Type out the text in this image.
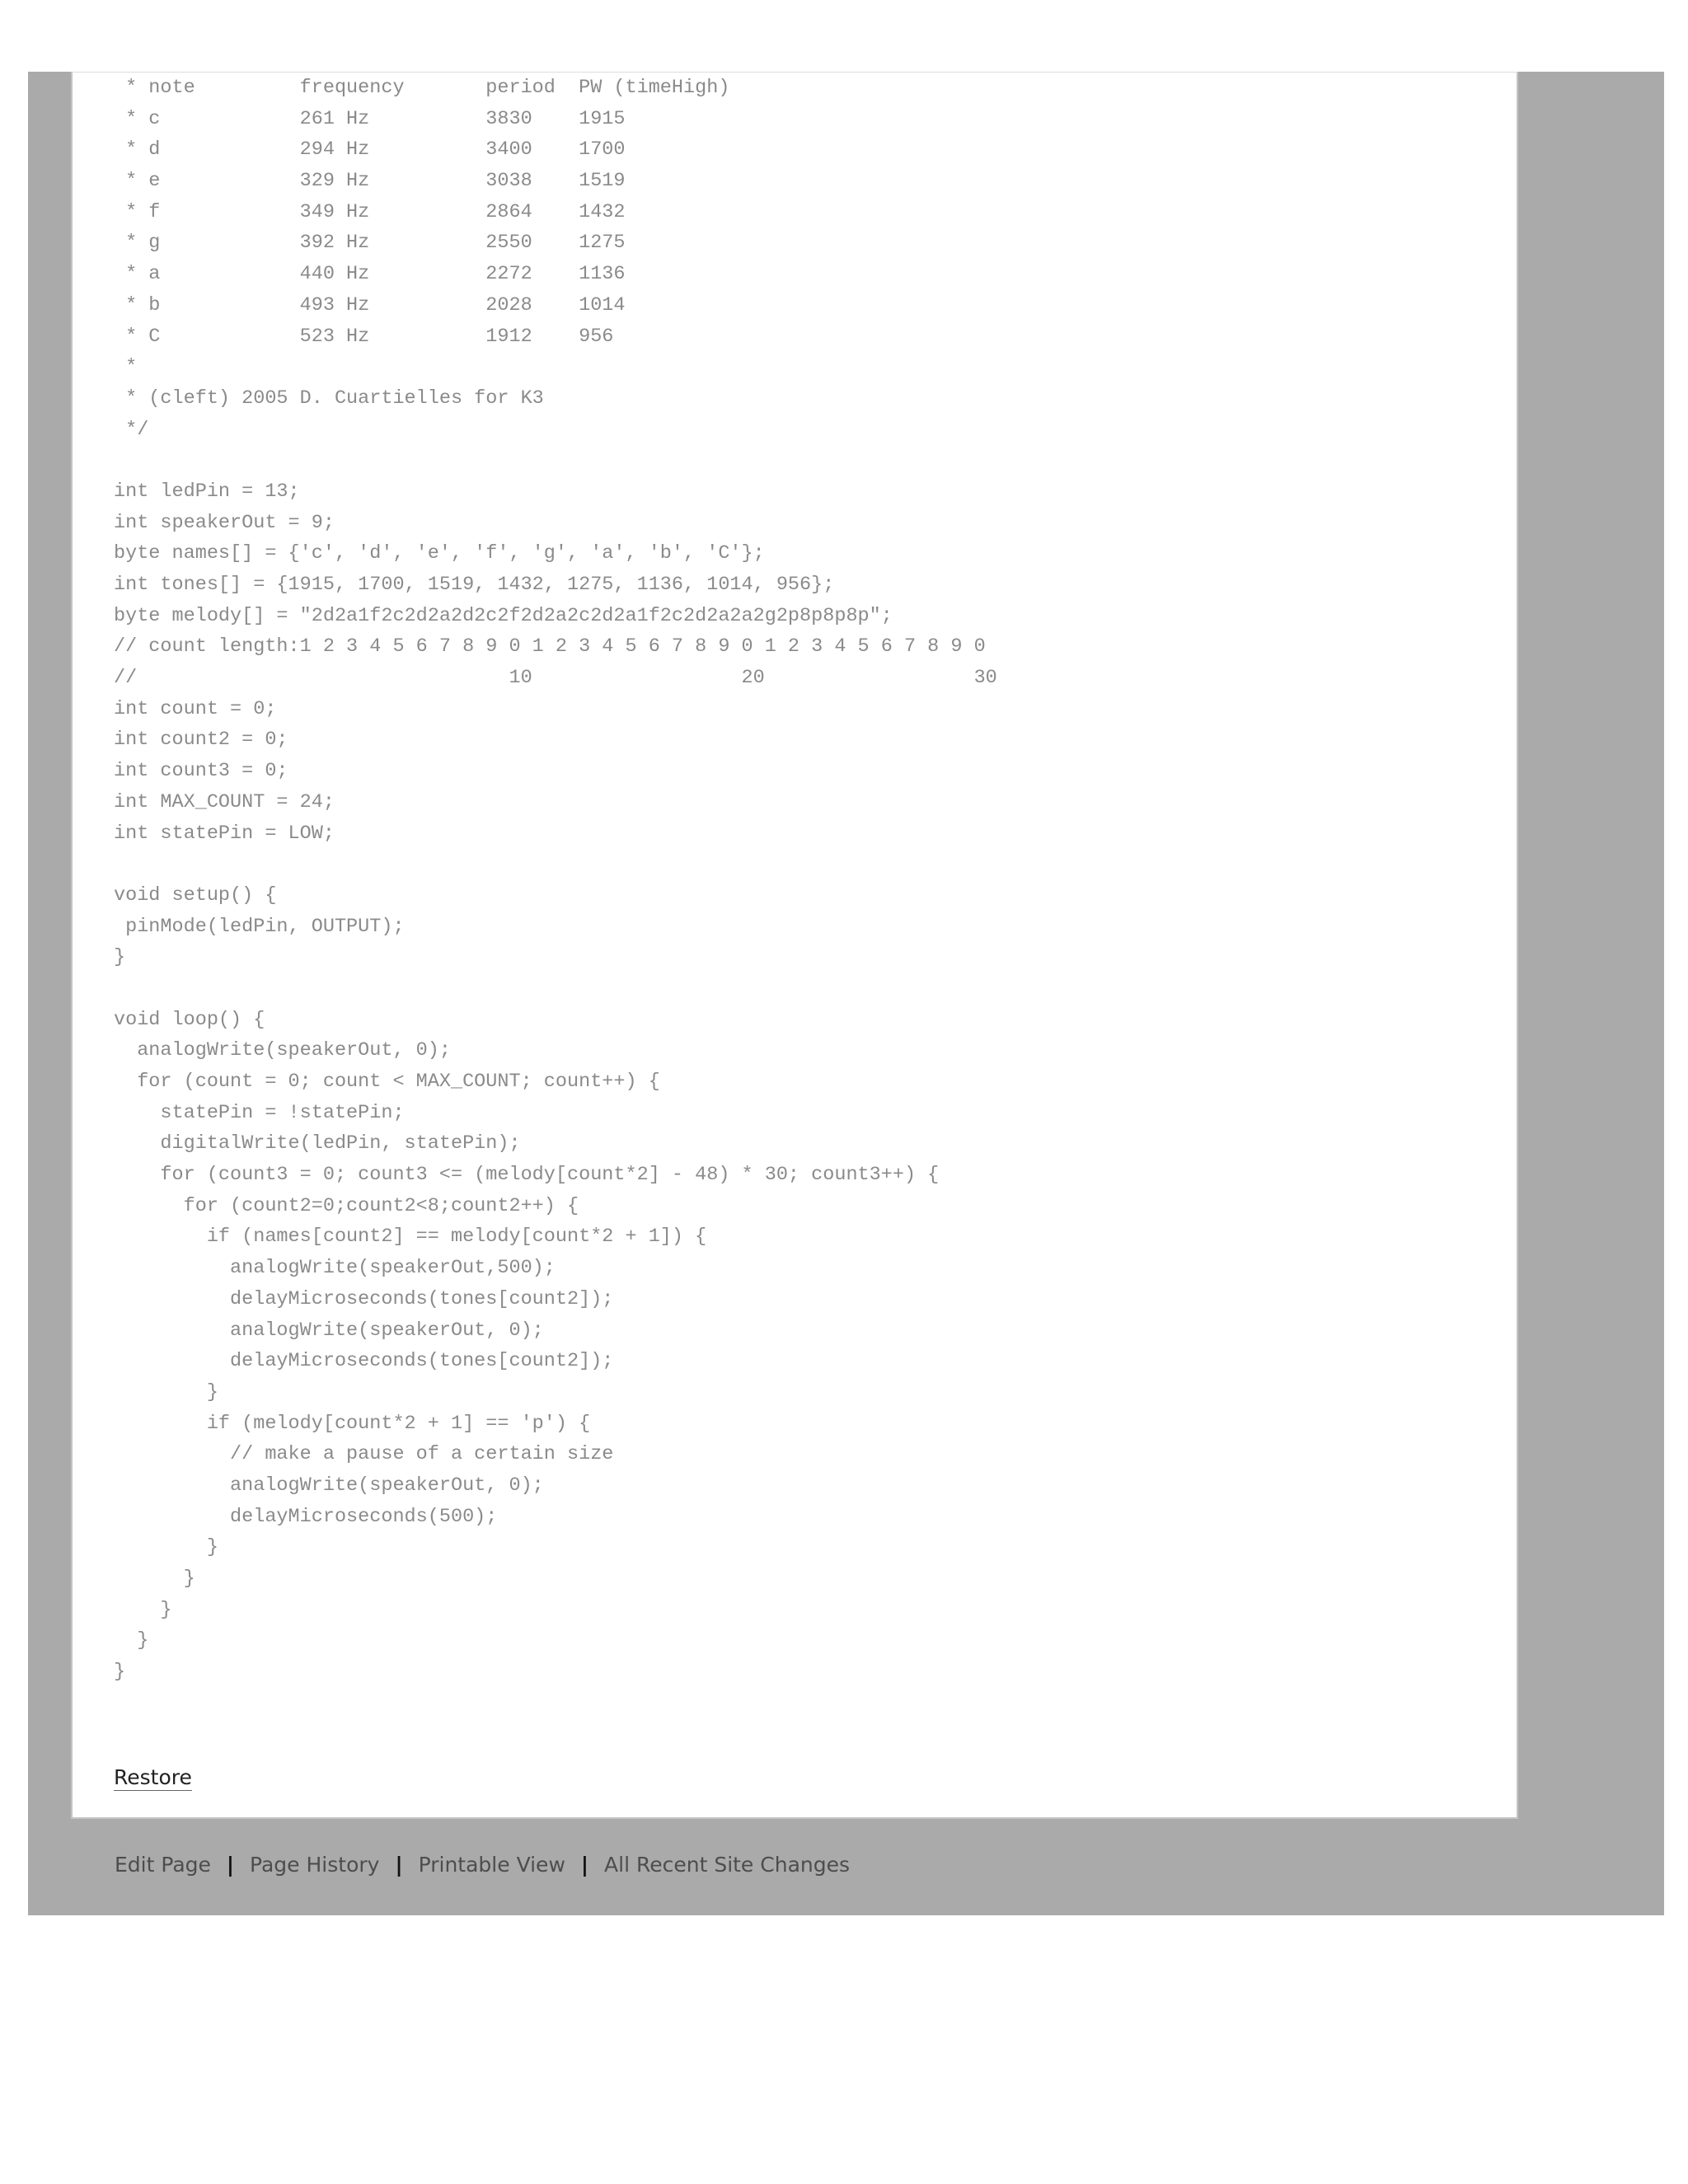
* note         frequency       period  PW (timeHigh)
* c            261 Hz          3830    1915
* d            294 Hz          3400    1700
* e            329 Hz          3038    1519
* f            349 Hz          2864    1432
* g            392 Hz          2550    1275
* a            440 Hz          2272    1136
* b            493 Hz          2028    1014
* C            523 Hz          1912    956
*
* (cleft) 2005 D. Cuartielles for K3
*/
int ledPin = 13;
int speakerOut = 9;
byte names[] = {'c', 'd', 'e', 'f', 'g', 'a', 'b', 'C'};
int tones[] = {1915, 1700, 1519, 1432, 1275, 1136, 1014, 956};
byte melody[] = "2d2a1f2c2d2a2d2c2f2d2a2c2d2a1f2c2d2a2a2g2p8p8p8p";
// count length:1 2 3 4 5 6 7 8 9 0 1 2 3 4 5 6 7 8 9 0 1 2 3 4 5 6 7 8 9 0
//                                10                  20                  30
int count = 0;
int count2 = 0;
int count3 = 0;
int MAX_COUNT = 24;
int statePin = LOW;
void setup() {
pinMode(ledPin, OUTPUT);
}
void loop() {
analogWrite(speakerOut, 0);
for (count = 0; count < MAX_COUNT; count++) {
statePin = !statePin;
digitalWrite(ledPin, statePin);
for (count3 = 0; count3 <= (melody[count*2] - 48) * 30; count3++) {
for (count2=0;count2<8;count2++) {
if (names[count2] == melody[count*2 + 1]) {
analogWrite(speakerOut,500);
delayMicroseconds(tones[count2]);
analogWrite(speakerOut, 0);
delayMicroseconds(tones[count2]);
}
if (melody[count*2 + 1] == 'p') {
// make a pause of a certain size
analogWrite(speakerOut, 0);
delayMicroseconds(500);
}
}
}
}
}
Restore
Edit Page | Page History | Printable View | All Recent Site Changes
